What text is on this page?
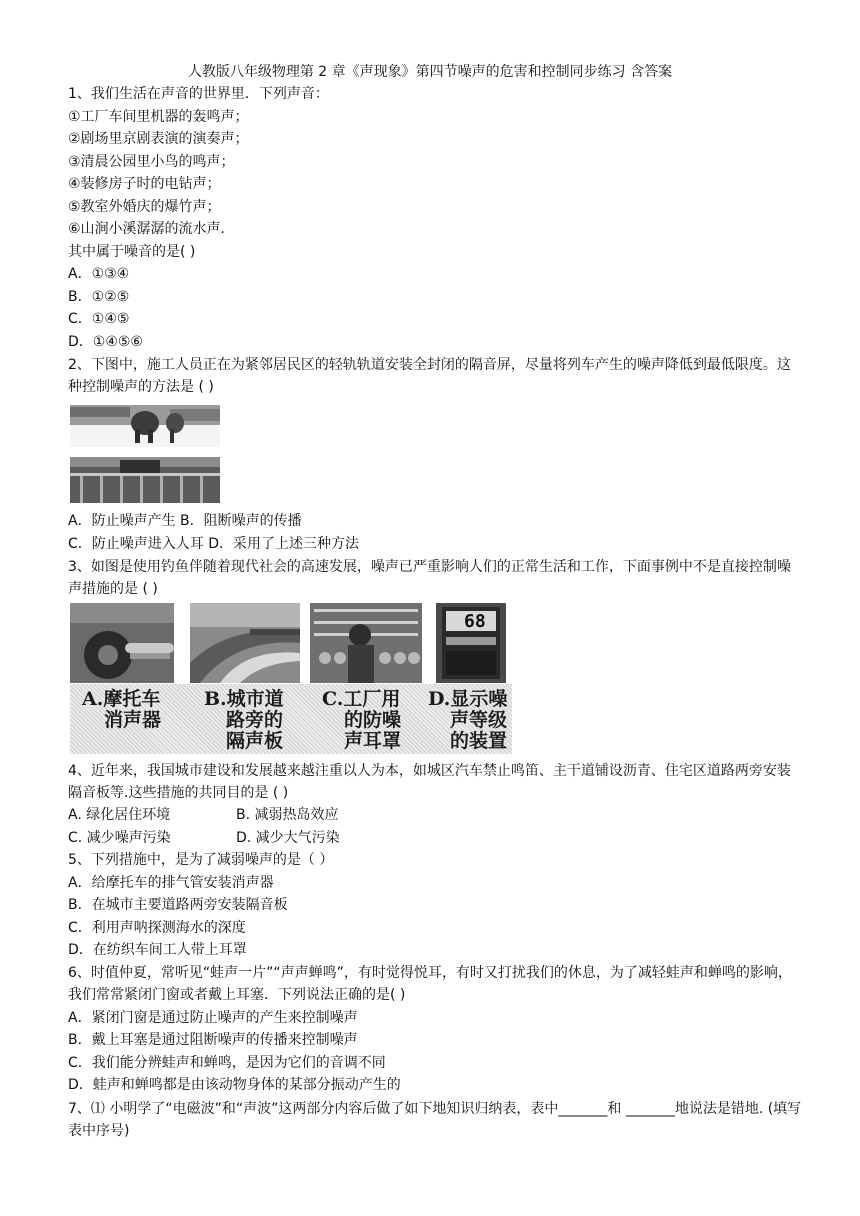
人教版八年级物理第 2 章《声现象》第四节噪声的危害和控制同步练习 含答案
1、我们生活在声音的世界里．下列声音：
①工厂车间里机器的轰鸣声；
②剧场里京剧表演的演奏声；
③清晨公园里小鸟的鸣声；
④装修房子时的电钻声；
⑤教室外婚庆的爆竹声；
⑥山涧小溪潺潺的流水声．
其中属于噪音的是( )
A．①③④
B．①②⑤
C．①④⑤
D．①④⑤⑥
2、下图中，施工人员正在为紧邻居民区的轻轨轨道安装全封闭的隔音屏，尽量将列车产生的噪声降低到最低限度。这种控制噪声的方法是 ( )
A．防止噪声产生 B．阻断噪声的传播
C．防止噪声进入人耳 D．采用了上述三种方法
3、如图是使用钓鱼伴随着现代社会的高速发展，噪声已严重影响人们的正常生活和工作，下面事例中不是直接控制噪声措施的是 ( )
68
A.摩托车
消声器
B.城市道
路旁的
隔声板
C.工厂用
的防噪
声耳罩
D.显示噪
声等级
的装置
4、近年来，我国城市建设和发展越来越注重以人为本，如城区汽车禁止鸣笛、主干道铺设沥青、住宅区道路两旁安装隔音板等.这些措施的共同目的是 ( )
A. 绿化居住环境	B. 减弱热岛效应
C. 减少噪声污染	D. 减少大气污染
5、下列措施中，是为了减弱噪声的是（ ）
A．给摩托车的排气管安装消声器
B．在城市主要道路两旁安装隔音板
C．利用声呐探测海水的深度
D．在纺织车间工人带上耳罩
6、时值仲夏，常听见“蛙声一片”“声声蝉鸣”，有时觉得悦耳，有时又打扰我们的休息，为了减轻蛙声和蝉鸣的影响，我们常常紧闭门窗或者戴上耳塞．下列说法正确的是( )
A．紧闭门窗是通过防止噪声的产生来控制噪声
B．戴上耳塞是通过阻断噪声的传播来控制噪声
C．我们能分辨蛙声和蝉鸣，是因为它们的音调不同
D．蛙声和蝉鸣都是由该动物身体的某部分振动产生的
7、⑴ 小明学了“电磁波”和“声波”这两部分内容后做了如下地知识归纳表，表中_______和 _______地说法是错地. (填写表中序号)
